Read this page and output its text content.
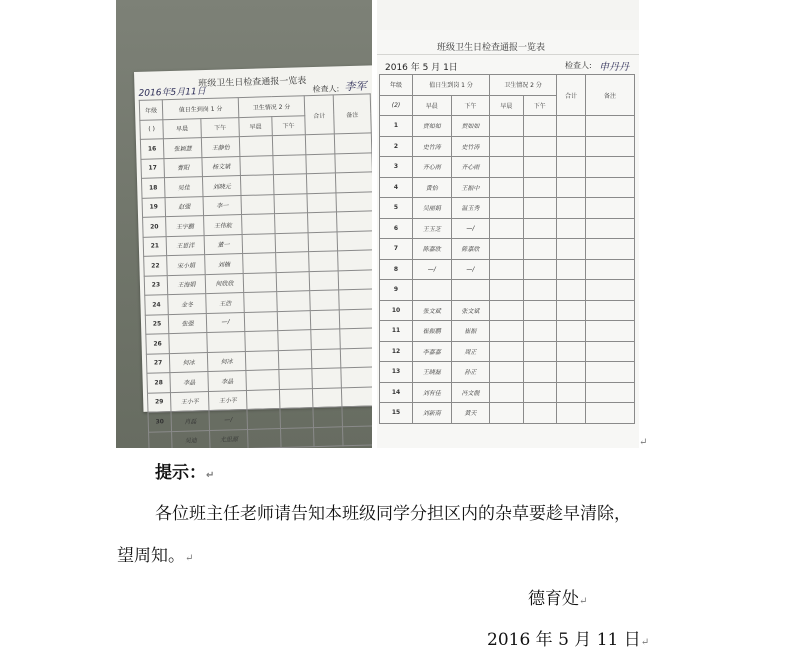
班级卫生日检查通报一览表
2016年5月11日	检查人: 李军
年级	值日生到岗 1 分		卫生情况 2 分		合计	备注
( )	早晨	下午	早晨	下午		
16	张颖慧	王静怡				
17	曹阳	杨文斌				
18	吴佳	刘晓元				
19	赵强	李一				
20	王宇鹏	王伟航				
21	王思洋	董一				
22	宋小娟	刘楠				
23	王海娟	何欣欣				
24	金冬	王浩				
25	张强	—/				
26						
27	何冰	何冰				
28	李晶	李晶				
29	王小平	王小平				
30	肖磊	—/				
	吴迪	尤思源				
班级卫生日检查通报一览表
2016 年 5 月 1日	检查人: 申丹丹
年级	值日生到岗 1 分		卫生情况 2 分		合计	备注
(2)	早晨	下午	早晨	下午		
1	贾如如	贾如如				
2	史竹涛	史竹涛				
3	齐心雨	齐心雨				
4	黄怡	王振中				
5	吴丽娟	温玉秀				
6	王玉芝	—/				
7	陈嘉欣	陈嘉欣				
8	—/	—/				
9						
10	张文斌	张文斌				
11	崔振鹏	崔振				
12	李嘉嘉	周正				
13	王晓磊	孙正				
14	刘有佳	冯文靓				
15	刘新南	黄天				
↵
提示：↵
各位班主任老师请告知本班级同学分担区内的杂草要趁早清除，
望周知。↵
德育处↵
2016 年 5 月 11 日↵
